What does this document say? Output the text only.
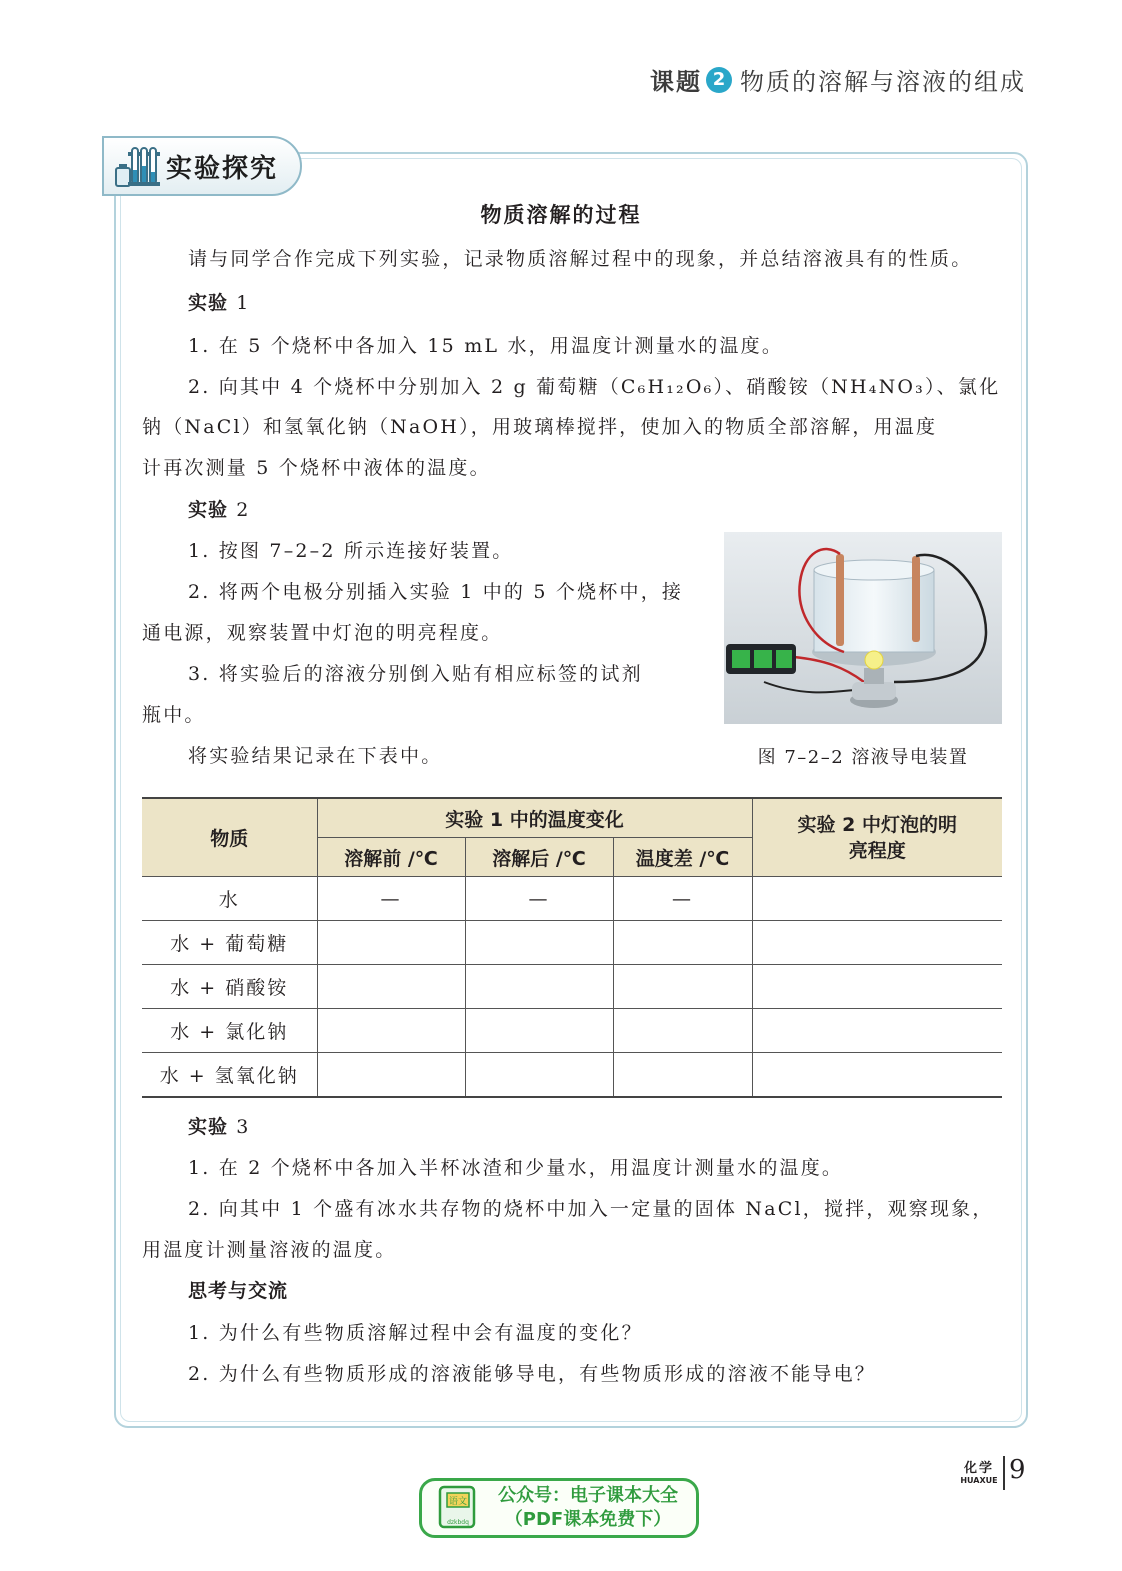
课题 2 物质的溶解与溶液的组成
实验探究
物质溶解的过程
请与同学合作完成下列实验，记录物质溶解过程中的现象，并总结溶液具有的性质。
实验 1
1. 在 5 个烧杯中各加入 15 mL 水，用温度计测量水的温度。
2. 向其中 4 个烧杯中分别加入 2 g 葡萄糖（C₆H₁₂O₆）、硝酸铵（NH₄NO₃）、氯化
钠（NaCl）和氢氧化钠（NaOH），用玻璃棒搅拌，使加入的物质全部溶解，用温度
计再次测量 5 个烧杯中液体的温度。
实验 2
1. 按图 7–2–2 所示连接好装置。
2. 将两个电极分别插入实验 1 中的 5 个烧杯中，接
通电源，观察装置中灯泡的明亮程度。
3. 将实验后的溶液分别倒入贴有相应标签的试剂
瓶中。
将实验结果记录在下表中。	图 7–2–2 溶液导电装置
物质	实验 1 中的温度变化			实验 2 中灯泡的明亮程度
	溶解前 /℃	溶解后 /℃	温度差 /℃	
水	—	—	—	
水 + 葡萄糖				
水 + 硝酸铵				
水 + 氯化钠				
水 + 氢氧化钠				
实验 3
1. 在 2 个烧杯中各加入半杯冰渣和少量水，用温度计测量水的温度。
2. 向其中 1 个盛有冰水共存物的烧杯中加入一定量的固体 NaCl，搅拌，观察现象，
用温度计测量溶液的温度。
思考与交流
1. 为什么有些物质溶解过程中会有温度的变化？
2. 为什么有些物质形成的溶液能够导电，有些物质形成的溶液不能导电？
化学
HUAXUE 9
语文
dzkbdq
公众号：电子课本大全
（PDF课本免费下）
